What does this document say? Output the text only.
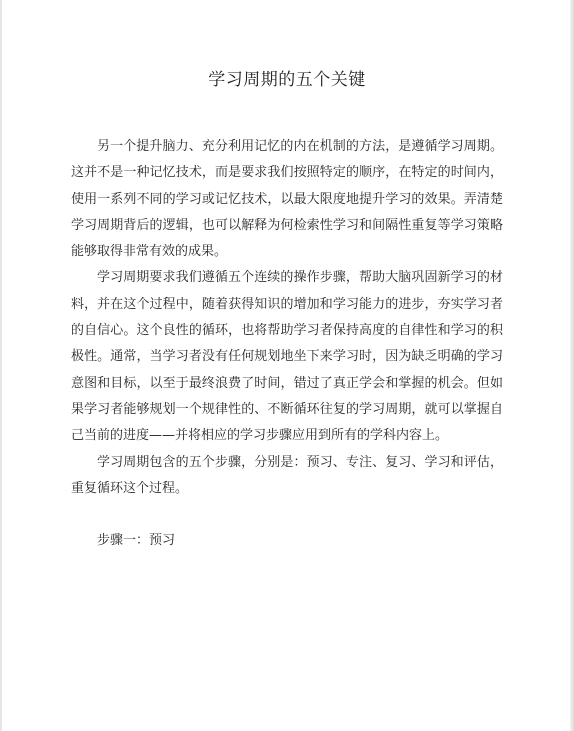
学习周期的五个关键

另一个提升脑力、充分利用记忆的内在机制的方法，是遵循学习周期。这并不是一种记忆技术，而是要求我们按照特定的顺序，在特定的时间内，使用一系列不同的学习或记忆技术，以最大限度地提升学习的效果。弄清楚学习周期背后的逻辑，也可以解释为何检索性学习和间隔性重复等学习策略能够取得非常有效的成果。

学习周期要求我们遵循五个连续的操作步骤，帮助大脑巩固新学习的材料，并在这个过程中，随着获得知识的增加和学习能力的进步，夯实学习者的自信心。这个良性的循环，也将帮助学习者保持高度的自律性和学习的积极性。通常，当学习者没有任何规划地坐下来学习时，因为缺乏明确的学习意图和目标，以至于最终浪费了时间，错过了真正学会和掌握的机会。但如果学习者能够规划一个规律性的、不断循环往复的学习周期，就可以掌握自己当前的进度——并将相应的学习步骤应用到所有的学科内容上。

学习周期包含的五个步骤，分别是：预习、专注、复习、学习和评估，重复循环这个过程。

步骤一：预习
